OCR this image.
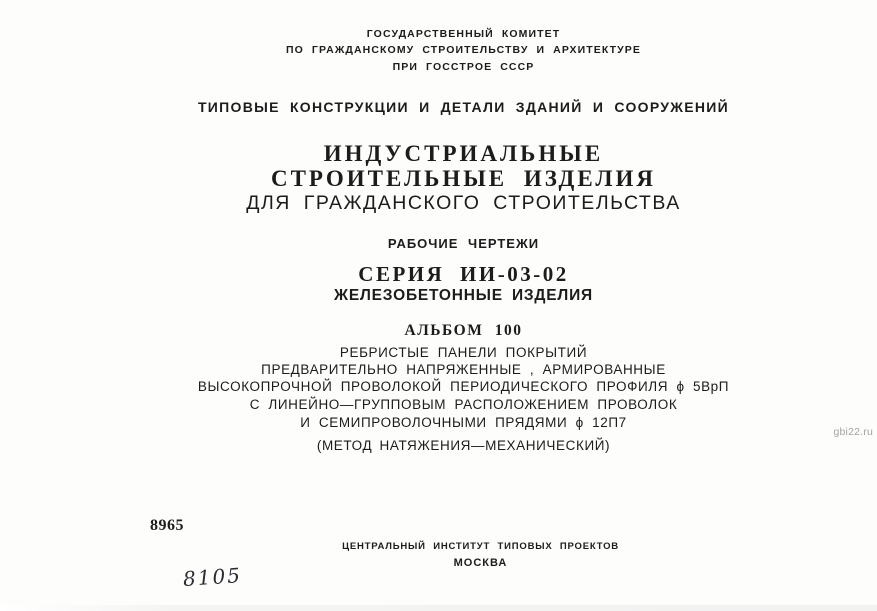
ГОСУДАРСТВЕННЫЙ КОМИТЕТ
ПО ГРАЖДАНСКОМУ СТРОИТЕЛЬСТВУ И АРХИТЕКТУРЕ
ПРИ ГОССТРОЕ СССР
ТИПОВЫЕ КОНСТРУКЦИИ И ДЕТАЛИ ЗДАНИЙ И СООРУЖЕНИЙ
ИНДУСТРИАЛЬНЫЕ
СТРОИТЕЛЬНЫЕ ИЗДЕЛИЯ
ДЛЯ ГРАЖДАНСКОГО СТРОИТЕЛЬСТВА
РАБОЧИЕ ЧЕРТЕЖИ
СЕРИЯ ИИ-03-02
ЖЕЛЕЗОБЕТОННЫЕ ИЗДЕЛИЯ
АЛЬБОМ 100
РЕБРИСТЫЕ ПАНЕЛИ ПОКРЫТИЙ
ПРЕДВАРИТЕЛЬНО НАПРЯЖЕННЫЕ , АРМИРОВАННЫЕ
ВЫСОКОПРОЧНОЙ ПРОВОЛОКОЙ ПЕРИОДИЧЕСКОГО ПРОФИЛЯ ϕ 5ВрП
С ЛИНЕЙНО—ГРУППОВЫМ РАСПОЛОЖЕНИЕМ ПРОВОЛОК
И СЕМИПРОВОЛОЧНЫМИ ПРЯДЯМИ ϕ 12П7
(МЕТОД НАТЯЖЕНИЯ—МЕХАНИЧЕСКИЙ)
8965
ЦЕНТРАЛЬНЫЙ ИНСТИТУТ ТИПОВЫХ ПРОЕКТОВ
МОСКВА
8105
gbi22.ru
